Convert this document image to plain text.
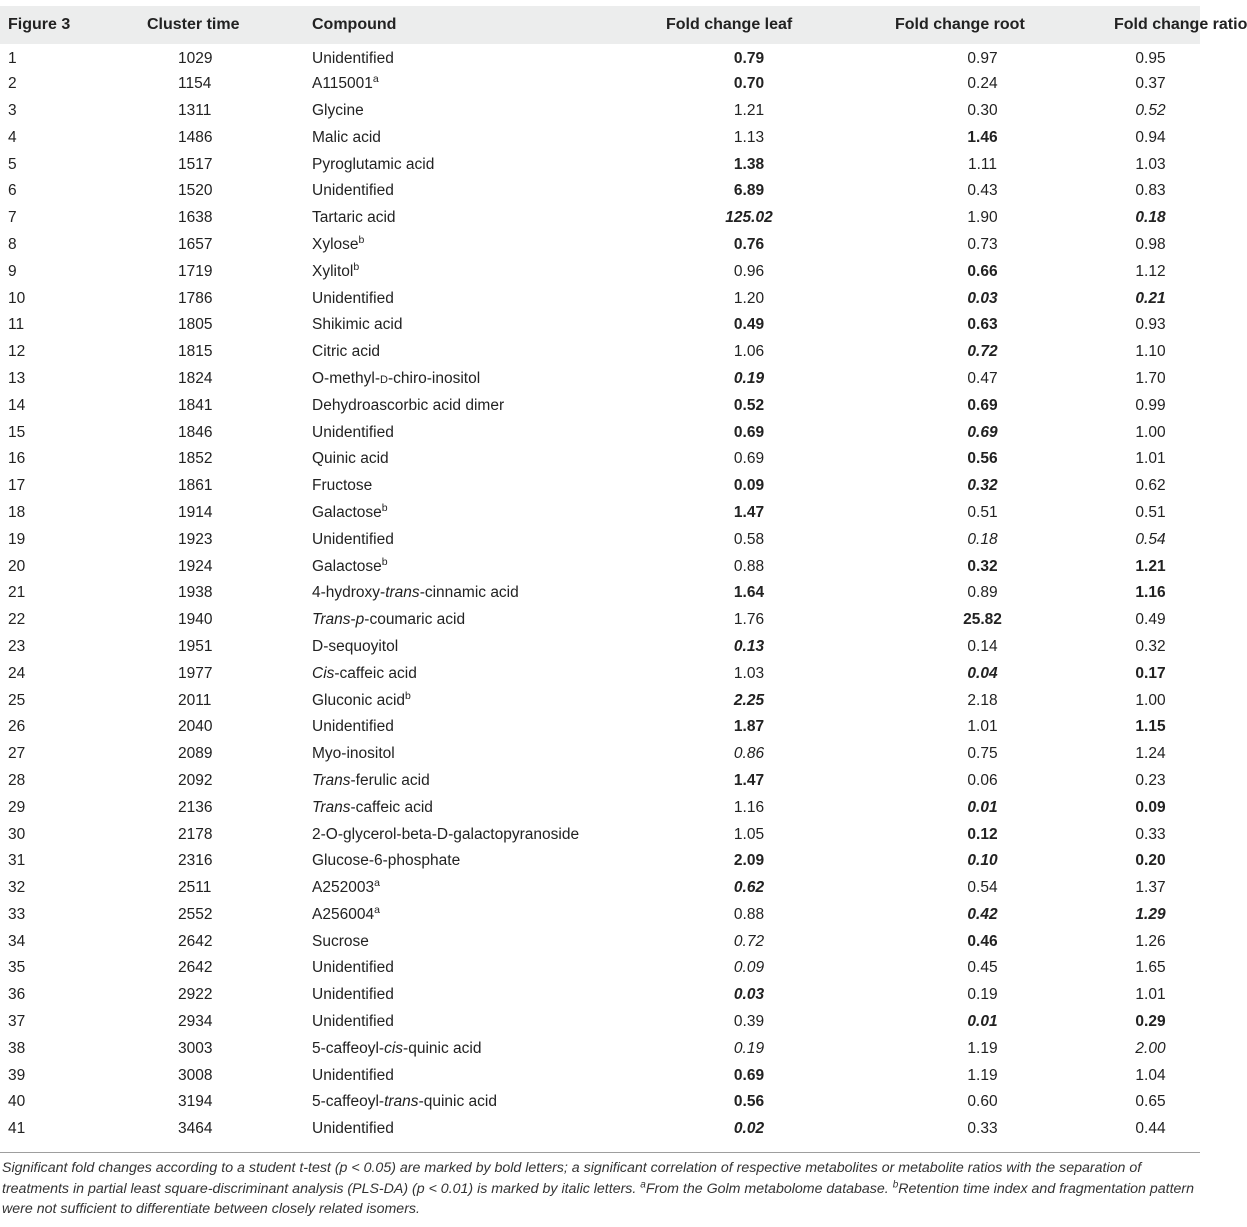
Figure 3	Cluster time	Compound	Fold change leaf	Fold change root	Fold change ratio
1	1029	Unidentified	0.79	0.97	0.95
2	1154	A115001$^a$	0.70	0.24	0.37
3	1311	Glycine	1.21	0.30	0.52
4	1486	Malic acid	1.13	1.46	0.94
5	1517	Pyroglutamic acid	1.38	1.11	1.03
6	1520	Unidentified	6.89	0.43	0.83
7	1638	Tartaric acid	125.02	1.90	0.18
8	1657	Xylose$^b$	0.76	0.73	0.98
9	1719	Xylitol$^b$	0.96	0.66	1.12
10	1786	Unidentified	1.20	0.03	0.21
11	1805	Shikimic acid	0.49	0.63	0.93
12	1815	Citric acid	1.06	0.72	1.10
13	1824	O-methyl-d-chiro-inositol	0.19	0.47	1.70
14	1841	Dehydroascorbic acid dimer	0.52	0.69	0.99
15	1846	Unidentified	0.69	0.69	1.00
16	1852	Quinic acid	0.69	0.56	1.01
17	1861	Fructose	0.09	0.32	0.62
18	1914	Galactose$^b$	1.47	0.51	0.51
19	1923	Unidentified	0.58	0.18	0.54
20	1924	Galactose$^b$	0.88	0.32	1.21
21	1938	4-hydroxy-trans-cinnamic acid	1.64	0.89	1.16
22	1940	Trans-p-coumaric acid	1.76	25.82	0.49
23	1951	D-sequoyitol	0.13	0.14	0.32
24	1977	Cis-caffeic acid	1.03	0.04	0.17
25	2011	Gluconic acid$^b$	2.25	2.18	1.00
26	2040	Unidentified	1.87	1.01	1.15
27	2089	Myo-inositol	0.86	0.75	1.24
28	2092	Trans-ferulic acid	1.47	0.06	0.23
29	2136	Trans-caffeic acid	1.16	0.01	0.09
30	2178	2-O-glycerol-beta-D-galactopyranoside	1.05	0.12	0.33
31	2316	Glucose-6-phosphate	2.09	0.10	0.20
32	2511	A252003$^a$	0.62	0.54	1.37
33	2552	A256004$^a$	0.88	0.42	1.29
34	2642	Sucrose	0.72	0.46	1.26
35	2642	Unidentified	0.09	0.45	1.65
36	2922	Unidentified	0.03	0.19	1.01
37	2934	Unidentified	0.39	0.01	0.29
38	3003	5-caffeoyl-cis-quinic acid	0.19	1.19	2.00
39	3008	Unidentified	0.69	1.19	1.04
40	3194	5-caffeoyl-trans-quinic acid	0.56	0.60	0.65
41	3464	Unidentified	0.02	0.33	0.44
Significant fold changes according to a student t-test (p < 0.05) are marked by bold letters; a significant correlation of respective metabolites or metabolite ratios with the separation of treatments in partial least square-discriminant analysis (PLS-DA) (p < 0.01) is marked by italic letters. $^a$From the Golm metabolome database. $^b$Retention time index and fragmentation pattern were not sufficient to differentiate between closely related isomers.
